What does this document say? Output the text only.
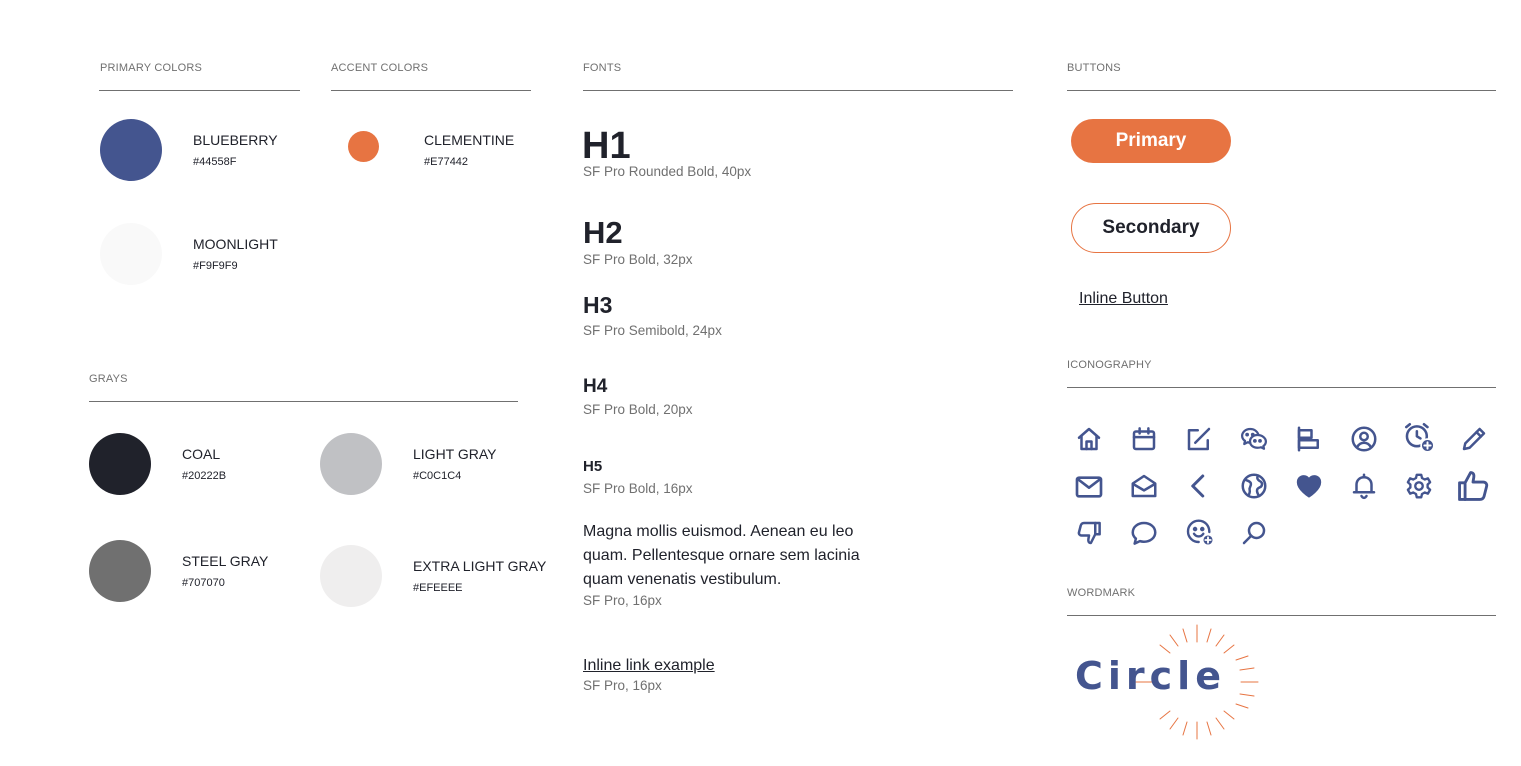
PRIMARY COLORS
BLUEBERRY
#44558F
MOONLIGHT
#F9F9F9
ACCENT COLORS
CLEMENTINE
#E77442
GRAYS
COAL
#20222B
LIGHT GRAY
#C0C1C4
STEEL GRAY
#707070
EXTRA LIGHT GRAY
#EFEEEE
FONTS
H1
SF Pro Rounded Bold, 40px
H2
SF Pro Bold, 32px
H3
SF Pro Semibold, 24px
H4
SF Pro Bold, 20px
H5
SF Pro Bold, 16px
Magna mollis euismod. Aenean eu leo quam. Pellentesque ornare sem lacinia quam venenatis vestibulum.
SF Pro, 16px
Inline link example
SF Pro, 16px
BUTTONS
Primary
Secondary
Inline Button
ICONOGRAPHY
WORDMARK
Circle
